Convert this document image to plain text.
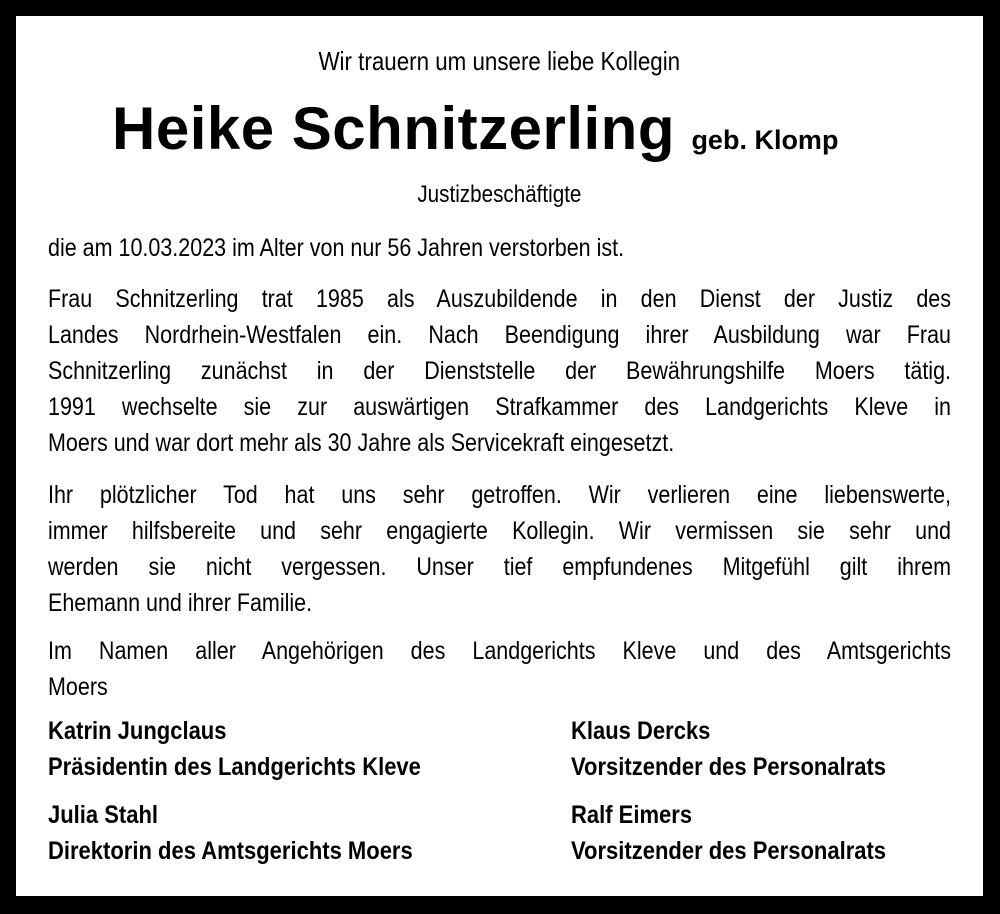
Wir trauern um unsere liebe Kollegin
Heike Schnitzerling geb. Klomp
Justizbeschäftigte
die am 10.03.2023 im Alter von nur 56 Jahren verstorben ist.
Frau Schnitzerling trat 1985 als Auszubildende in den Dienst der Justiz des
Landes Nordrhein-Westfalen ein. Nach Beendigung ihrer Ausbildung war Frau
Schnitzerling zunächst in der Dienststelle der Bewährungshilfe Moers tätig.
1991 wechselte sie zur auswärtigen Strafkammer des Landgerichts Kleve in
Moers und war dort mehr als 30 Jahre als Servicekraft eingesetzt.
Ihr plötzlicher Tod hat uns sehr getroffen. Wir verlieren eine liebenswerte,
immer hilfsbereite und sehr engagierte Kollegin. Wir vermissen sie sehr und
werden sie nicht vergessen. Unser tief empfundenes Mitgefühl gilt ihrem
Ehemann und ihrer Familie.
Im Namen aller Angehörigen des Landgerichts Kleve und des Amtsgerichts
Moers
Katrin Jungclaus
Präsidentin des Landgerichts Kleve
Klaus Dercks
Vorsitzender des Personalrats
Julia Stahl
Direktorin des Amtsgerichts Moers
Ralf Eimers
Vorsitzender des Personalrats
